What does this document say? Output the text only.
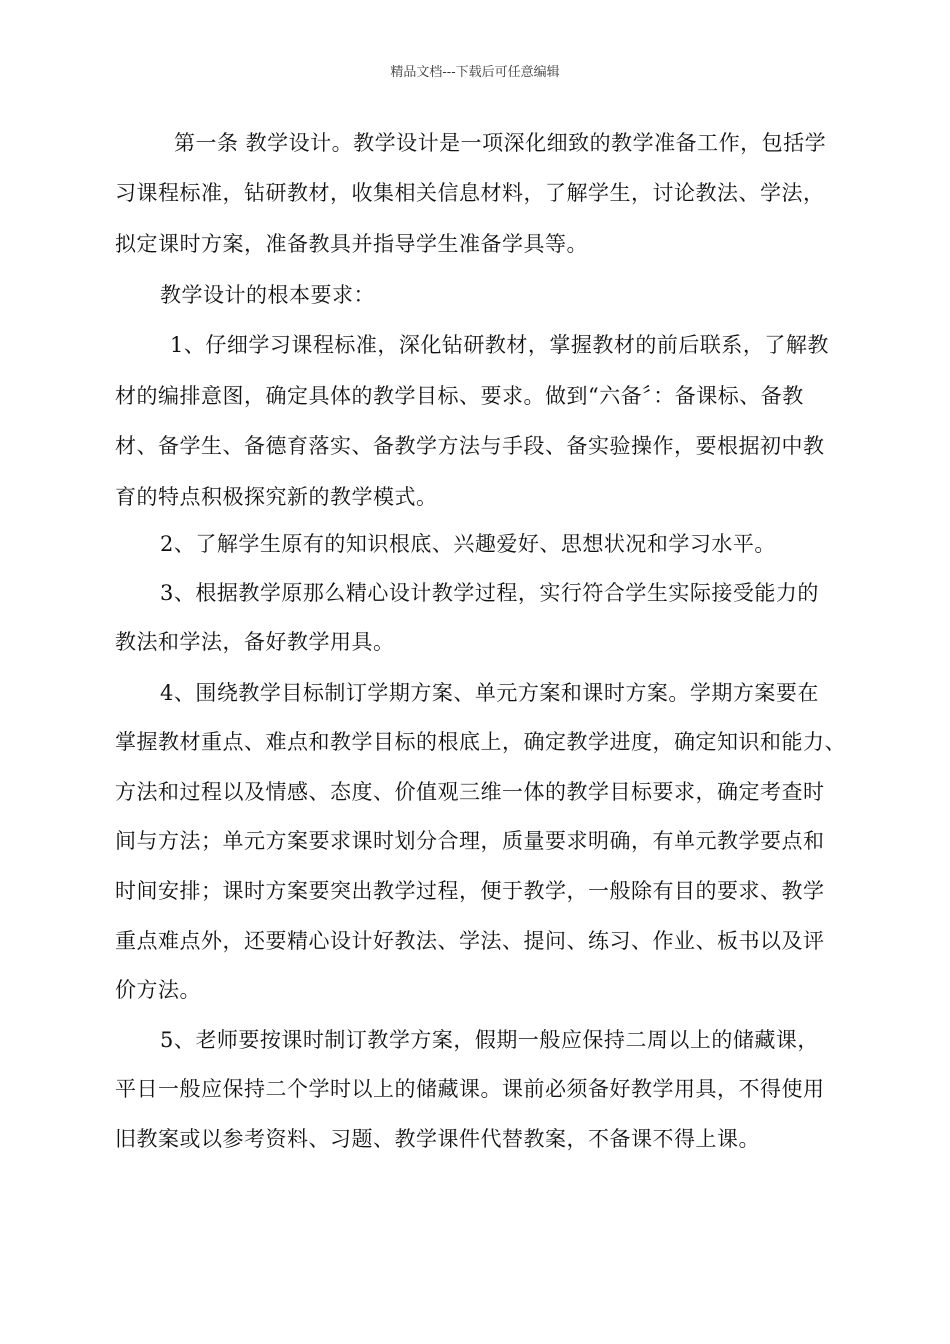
精品文档---下载后可任意编辑
第一条 教学设计。教学设计是一项深化细致的教学准备工作，包括学
习课程标准，钻研教材，收集相关信息材料，了解学生，讨论教法、学法，
拟定课时方案，准备教具并指导学生准备学具等。
教学设计的根本要求：
1、仔细学习课程标准，深化钻研教材，掌握教材的前后联系，了解教
材的编排意图，确定具体的教学目标、要求。做到“六备〞：备课标、备教
材、备学生、备德育落实、备教学方法与手段、备实验操作，要根据初中教
育的特点积极探究新的教学模式。
2、了解学生原有的知识根底、兴趣爱好、思想状况和学习水平。
3、根据教学原那么精心设计教学过程，实行符合学生实际接受能力的
教法和学法，备好教学用具。
4、围绕教学目标制订学期方案、单元方案和课时方案。学期方案要在
掌握教材重点、难点和教学目标的根底上，确定教学进度，确定知识和能力、
方法和过程以及情感、态度、价值观三维一体的教学目标要求，确定考查时
间与方法；单元方案要求课时划分合理，质量要求明确，有单元教学要点和
时间安排；课时方案要突出教学过程，便于教学，一般除有目的要求、教学
重点难点外，还要精心设计好教法、学法、提问、练习、作业、板书以及评
价方法。
5、老师要按课时制订教学方案，假期一般应保持二周以上的储藏课，
平日一般应保持二个学时以上的储藏课。课前必须备好教学用具，不得使用
旧教案或以参考资料、习题、教学课件代替教案，不备课不得上课。
